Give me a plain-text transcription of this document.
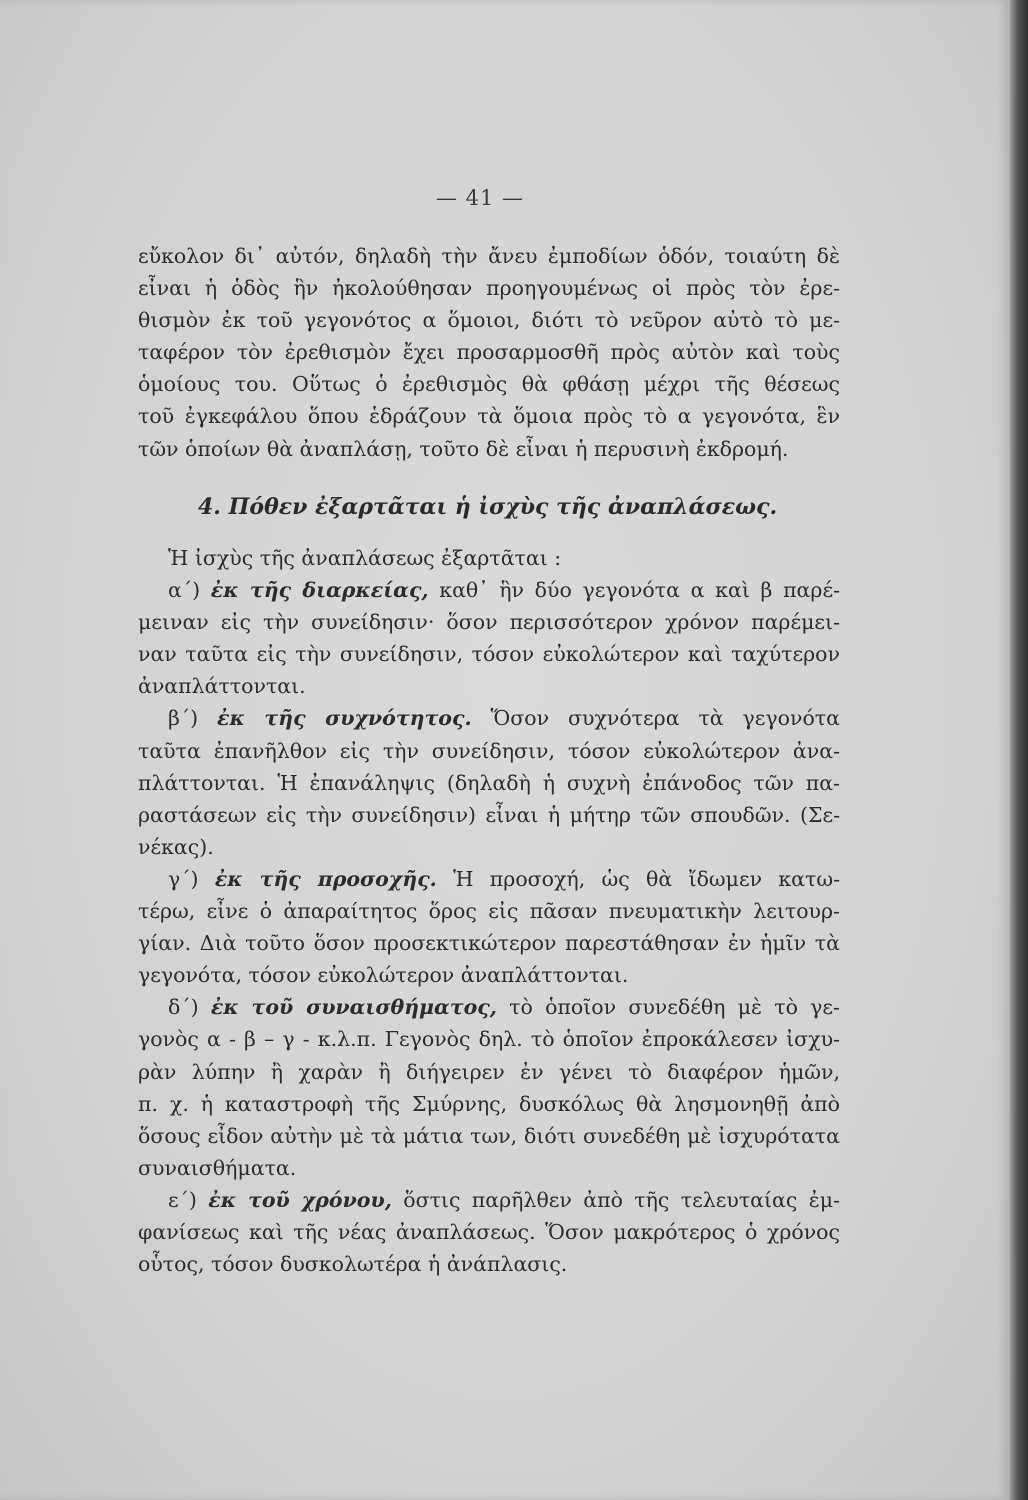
— 41 —
εὔκολον δι᾿ αὐτόν, δηλαδὴ τὴν ἄνευ ἐμποδίων ὁδόν, τοιαύτη δὲ
εἶναι ἡ ὁδὸς ἣν ἠκολούθησαν προηγουμένως οἱ πρὸς τὸν ἐρε-
θισμὸν ἐκ τοῦ γεγονότος α ὅμοιοι, διότι τὸ νεῦρον αὐτὸ τὸ με-
ταφέρον τὸν ἐρεθισμὸν ἔχει προσαρμοσθῆ πρὸς αὐτὸν καὶ τοὺς
ὁμοίους του. Οὕτως ὁ ἐρεθισμὸς θὰ φθάσῃ μέχρι τῆς θέσεως
τοῦ ἐγκεφάλου ὅπου ἑδράζουν τὰ ὅμοια πρὸς τὸ α γεγονότα, ἓν
τῶν ὁποίων θὰ ἀναπλάσῃ, τοῦτο δὲ εἶναι ἡ περυσινὴ ἐκδρομή.
4. Πόθεν ἐξαρτᾶται ἡ ἰσχὺς τῆς ἀναπλάσεως.
Ἡ ἰσχὺς τῆς ἀναπλάσεως ἐξαρτᾶται :
α΄) ἐκ τῆς διαρκείας, καθ᾿ ἣν δύο γεγονότα α καὶ β παρέ-
μειναν εἰς τὴν συνείδησιν· ὅσον περισσότερον χρόνον παρέμει-
ναν ταῦτα εἰς τὴν συνείδησιν, τόσον εὐκολώτερον καὶ ταχύτερον
ἀναπλάττονται.
β΄) ἐκ τῆς συχνότητος. Ὅσον συχνότερα τὰ γεγονότα
ταῦτα ἐπανῆλθον εἰς τὴν συνείδησιν, τόσον εὐκολώτερον ἀνα-
πλάττονται. Ἡ ἐπανάληψις (δηλαδὴ ἡ συχνὴ ἐπάνοδος τῶν πα-
ραστάσεων εἰς τὴν συνείδησιν) εἶναι ἡ μήτηρ τῶν σπουδῶν. (Σε-
νέκας).
γ΄) ἐκ τῆς προσοχῆς. Ἡ προσοχή, ὡς θὰ ἴδωμεν κατω-
τέρω, εἶνε ὁ ἀπαραίτητος ὅρος εἰς πᾶσαν πνευματικὴν λειτουρ-
γίαν. Διὰ τοῦτο ὅσον προσεκτικώτερον παρεστάθησαν ἐν ἡμῖν τὰ
γεγονότα, τόσον εὐκολώτερον ἀναπλάττονται.
δ΄) ἐκ τοῦ συναισθήματος, τὸ ὁποῖον συνεδέθη μὲ τὸ γε-
γονὸς α - β – γ - κ.λ.π. Γεγονὸς δηλ. τὸ ὁποῖον ἐπροκάλεσεν ἰσχυ-
ρὰν λύπην ἢ χαρὰν ἢ διήγειρεν ἐν γένει τὸ διαφέρον ἡμῶν,
π. χ. ἡ καταστροφὴ τῆς Σμύρνης, δυσκόλως θὰ λησμονηθῇ ἀπὸ
ὅσους εἶδον αὐτὴν μὲ τὰ μάτια των, διότι συνεδέθη μὲ ἰσχυρότατα
συναισθήματα.
ε΄) ἐκ τοῦ χρόνου, ὅστις παρῆλθεν ἀπὸ τῆς τελευταίας ἐμ-
φανίσεως καὶ τῆς νέας ἀναπλάσεως. Ὅσον μακρότερος ὁ χρόνος
οὗτος, τόσον δυσκολωτέρα ἡ ἀνάπλασις.
